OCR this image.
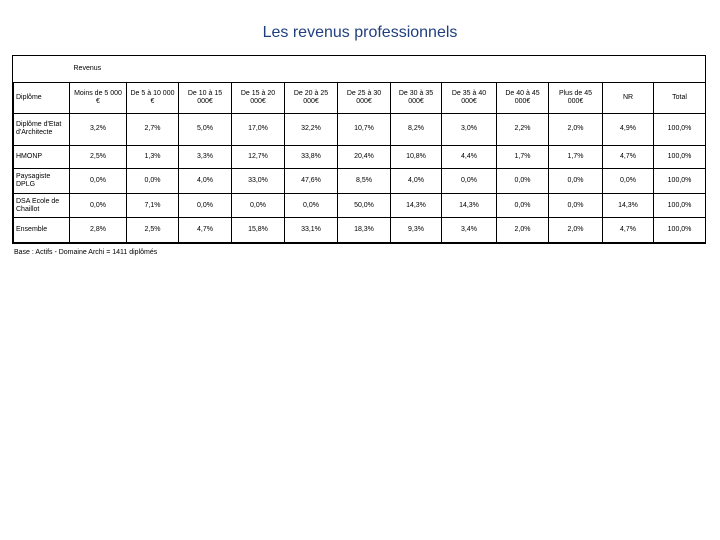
Les revenus professionnels
	Revenus											
Diplôme	Moins de 5 000 €	De 5 à 10 000 €	De 10 à 15 000€	De 15 à 20 000€	De 20 à 25 000€	De 25 à 30 000€	De 30 à 35 000€	De 35 à 40 000€	De 40 à 45 000€	Plus de 45 000€	NR	Total
Diplôme d'Etat d'Architecte	3,2%	2,7%	5,0%	17,0%	32,2%	10,7%	8,2%	3,0%	2,2%	2,0%	4,9%	100,0%
HMONP	2,5%	1,3%	3,3%	12,7%	33,8%	20,4%	10,8%	4,4%	1,7%	1,7%	4,7%	100,0%
Paysagiste DPLG	0,0%	0,0%	4,0%	33,0%	47,6%	8,5%	4,0%	0,0%	0,0%	0,0%	0,0%	100,0%
DSA Ecole de Chaillot	0,0%	7,1%	0,0%	0,0%	0,0%	50,0%	14,3%	14,3%	0,0%	0,0%	14,3%	100,0%
Ensemble	2,8%	2,5%	4,7%	15,8%	33,1%	18,3%	9,3%	3,4%	2,0%	2,0%	4,7%	100,0%
Base : Actifs - Domaine Archi = 1411 diplômés
